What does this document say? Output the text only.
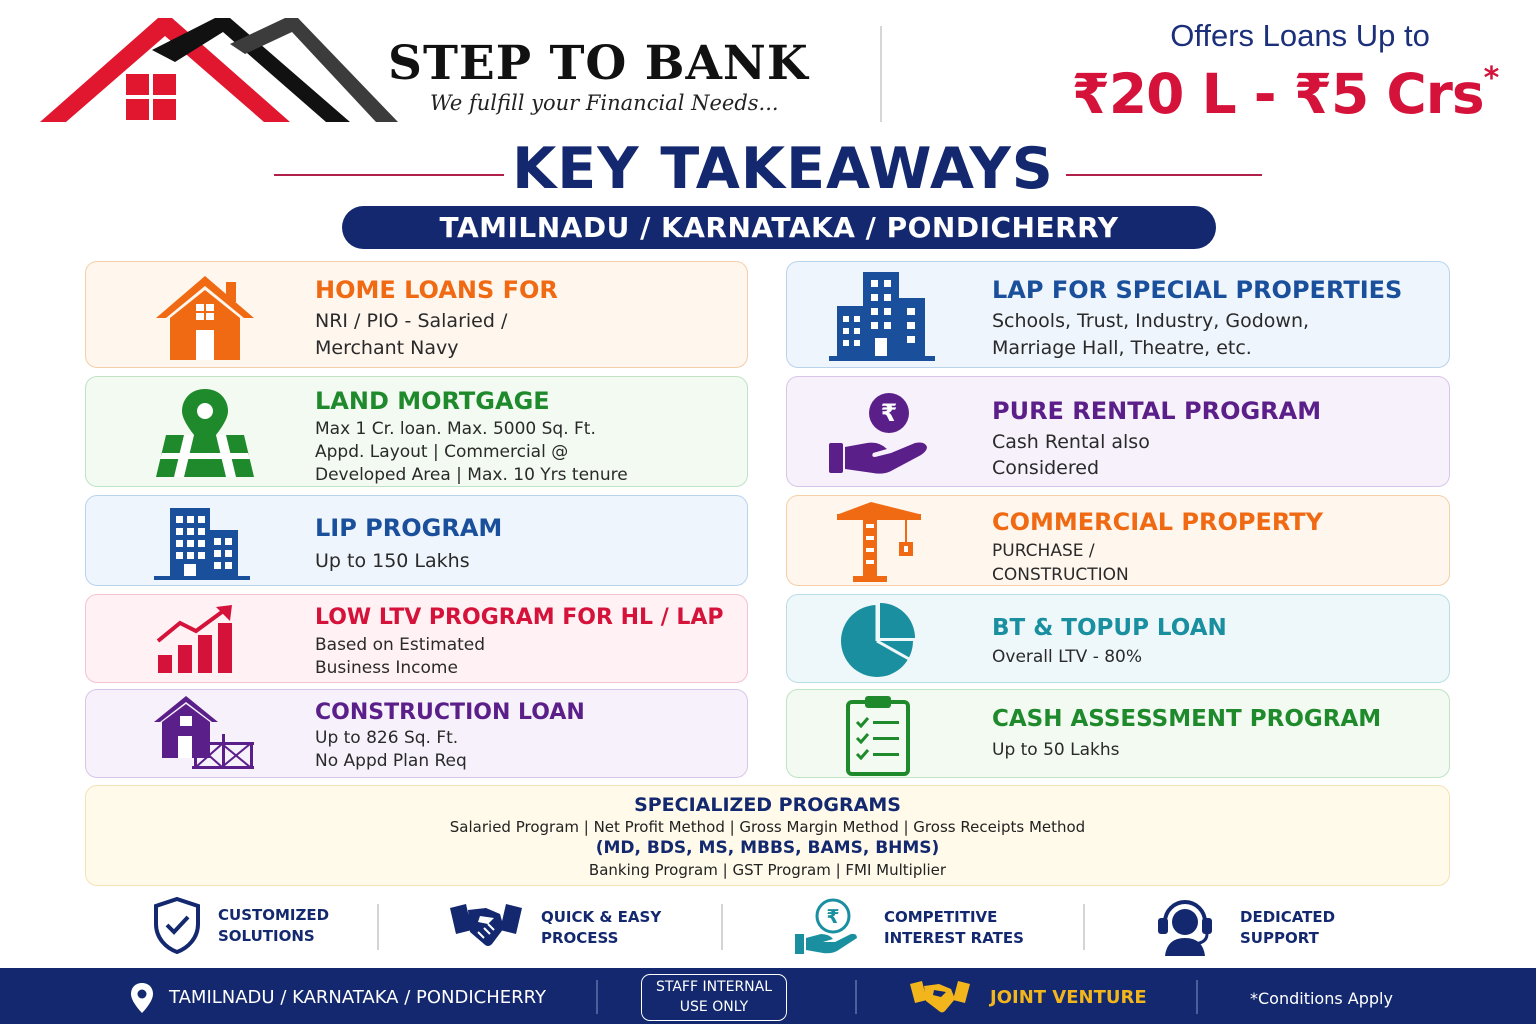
STEP TO BANK
We fulfill your Financial Needs...
Offers Loans Up to
₹20 L - ₹5 Crs*
KEY TAKEAWAYS
TAMILNADU / KARNATAKA / PONDICHERRY
HOME LOANS FOR
NRI / PIO - Salaried /
Merchant Navy
LAND MORTGAGE
Max 1 Cr. loan. Max. 5000 Sq. Ft.
Appd. Layout | Commercial @
Developed Area | Max. 10 Yrs tenure
LIP PROGRAM
Up to 150 Lakhs
LOW LTV PROGRAM FOR HL / LAP
Based on Estimated
Business Income
CONSTRUCTION LOAN
Up to 826 Sq. Ft.
No Appd Plan Req
LAP FOR SPECIAL PROPERTIES
Schools, Trust, Industry, Godown,
Marriage Hall, Theatre, etc.
₹	PURE RENTAL PROGRAM
Cash Rental also
Considered
COMMERCIAL PROPERTY
PURCHASE /
CONSTRUCTION
BT & TOPUP LOAN
Overall LTV - 80%
CASH ASSESSMENT PROGRAM
Up to 50 Lakhs
SPECIALIZED PROGRAMS
Salaried Program | Net Profit Method | Gross Margin Method | Gross Receipts Method
(MD, BDS, MS, MBBS, BAMS, BHMS)
Banking Program | GST Program | FMI Multiplier
CUSTOMIZED
SOLUTIONS
QUICK & EASY
PROCESS
₹	COMPETITIVE
INTEREST RATES
DEDICATED
SUPPORT
TAMILNADU / KARNATAKA / PONDICHERRY	STAFF INTERNAL
USE ONLY	JOINT VENTURE	*Conditions Apply
